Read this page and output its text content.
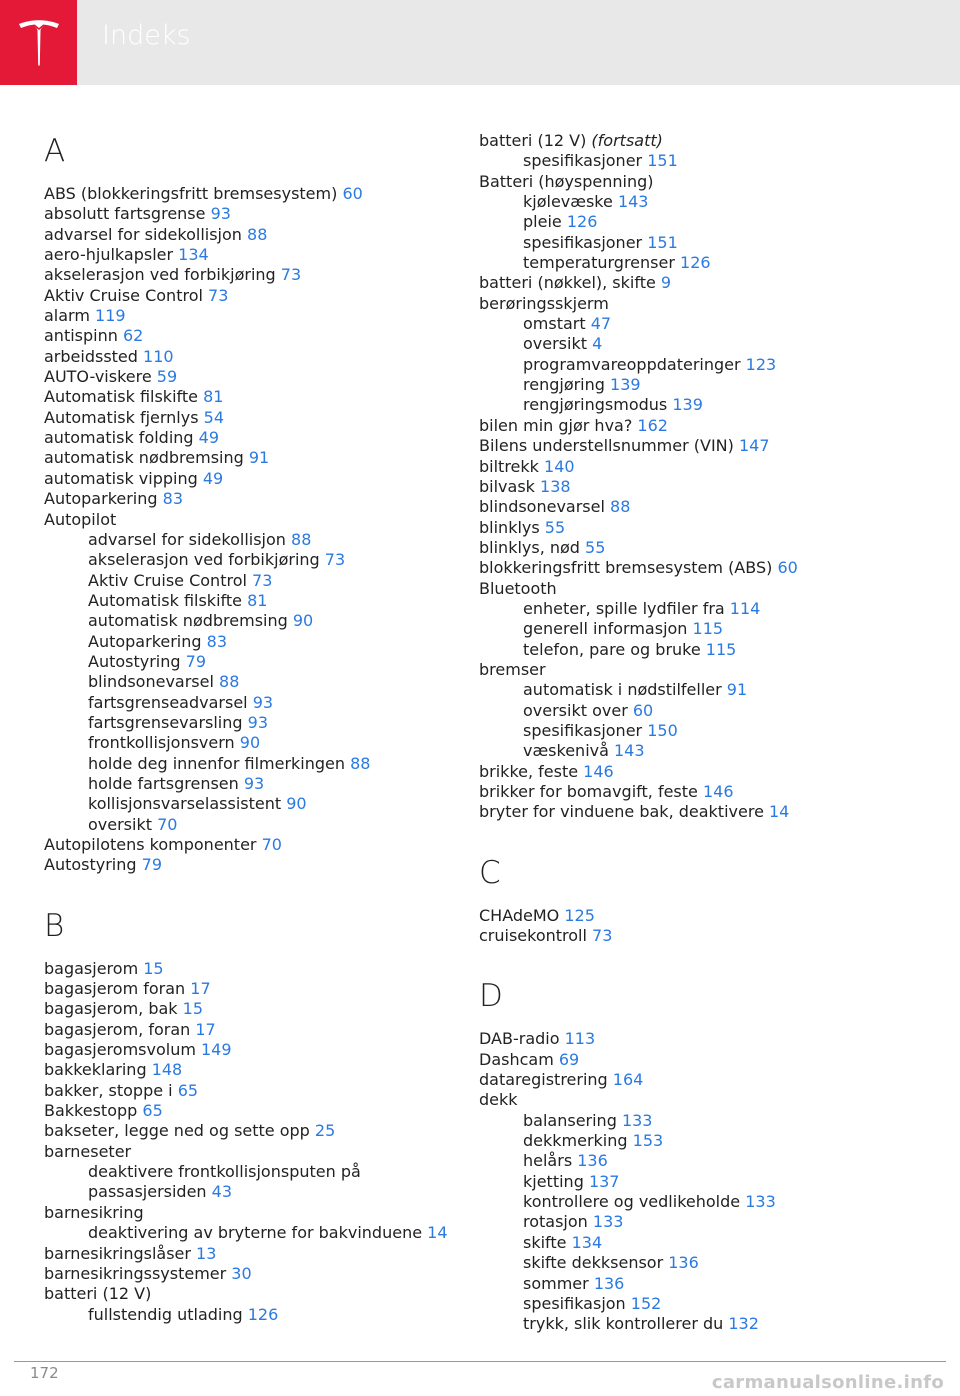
Indeks
A
ABS (blokkeringsfritt bremsesystem) 60
absolutt fartsgrense 93
advarsel for sidekollisjon 88
aero-hjulkapsler 134
akselerasjon ved forbikjøring 73
Aktiv Cruise Control 73
alarm 119
antispinn 62
arbeidssted 110
AUTO-viskere 59
Automatisk filskifte 81
Automatisk fjernlys 54
automatisk folding 49
automatisk nødbremsing 91
automatisk vipping 49
Autoparkering 83
Autopilot
advarsel for sidekollisjon 88
akselerasjon ved forbikjøring 73
Aktiv Cruise Control 73
Automatisk filskifte 81
automatisk nødbremsing 90
Autoparkering 83
Autostyring 79
blindsonevarsel 88
fartsgrenseadvarsel 93
fartsgrensevarsling 93
frontkollisjonsvern 90
holde deg innenfor filmerkingen 88
holde fartsgrensen 93
kollisjonsvarselassistent 90
oversikt 70
Autopilotens komponenter 70
Autostyring 79
B
bagasjerom 15
bagasjerom foran 17
bagasjerom, bak 15
bagasjerom, foran 17
bagasjeromsvolum 149
bakkeklaring 148
bakker, stoppe i 65
Bakkestopp 65
bakseter, legge ned og sette opp 25
barneseter
deaktivere frontkollisjonsputen på passasjersiden 43
barnesikring
deaktivering av bryterne for bakvinduene 14
barnesikringslåser 13
barnesikringssystemer 30
batteri (12 V)
fullstendig utlading 126
batteri (12 V) (fortsatt)
spesifikasjoner 151
Batteri (høyspenning)
kjølevæske 143
pleie 126
spesifikasjoner 151
temperaturgrenser 126
batteri (nøkkel), skifte 9
berøringsskjerm
omstart 47
oversikt 4
programvareoppdateringer 123
rengjøring 139
rengjøringsmodus 139
bilen min gjør hva? 162
Bilens understellsnummer (VIN) 147
biltrekk 140
bilvask 138
blindsonevarsel 88
blinklys 55
blinklys, nød 55
blokkeringsfritt bremsesystem (ABS) 60
Bluetooth
enheter, spille lydfiler fra 114
generell informasjon 115
telefon, pare og bruke 115
bremser
automatisk i nødstilfeller 91
oversikt over 60
spesifikasjoner 150
væskenivå 143
brikke, feste 146
brikker for bomavgift, feste 146
bryter for vinduene bak, deaktivere 14
C
CHAdeMO 125
cruisekontroll 73
D
DAB-radio 113
Dashcam 69
dataregistrering 164
dekk
balansering 133
dekkmerking 153
helårs 136
kjetting 137
kontrollere og vedlikeholde 133
rotasjon 133
skifte 134
skifte dekksensor 136
sommer 136
spesifikasjon 152
trykk, slik kontrollerer du 132
172	carmanualsonline.info
